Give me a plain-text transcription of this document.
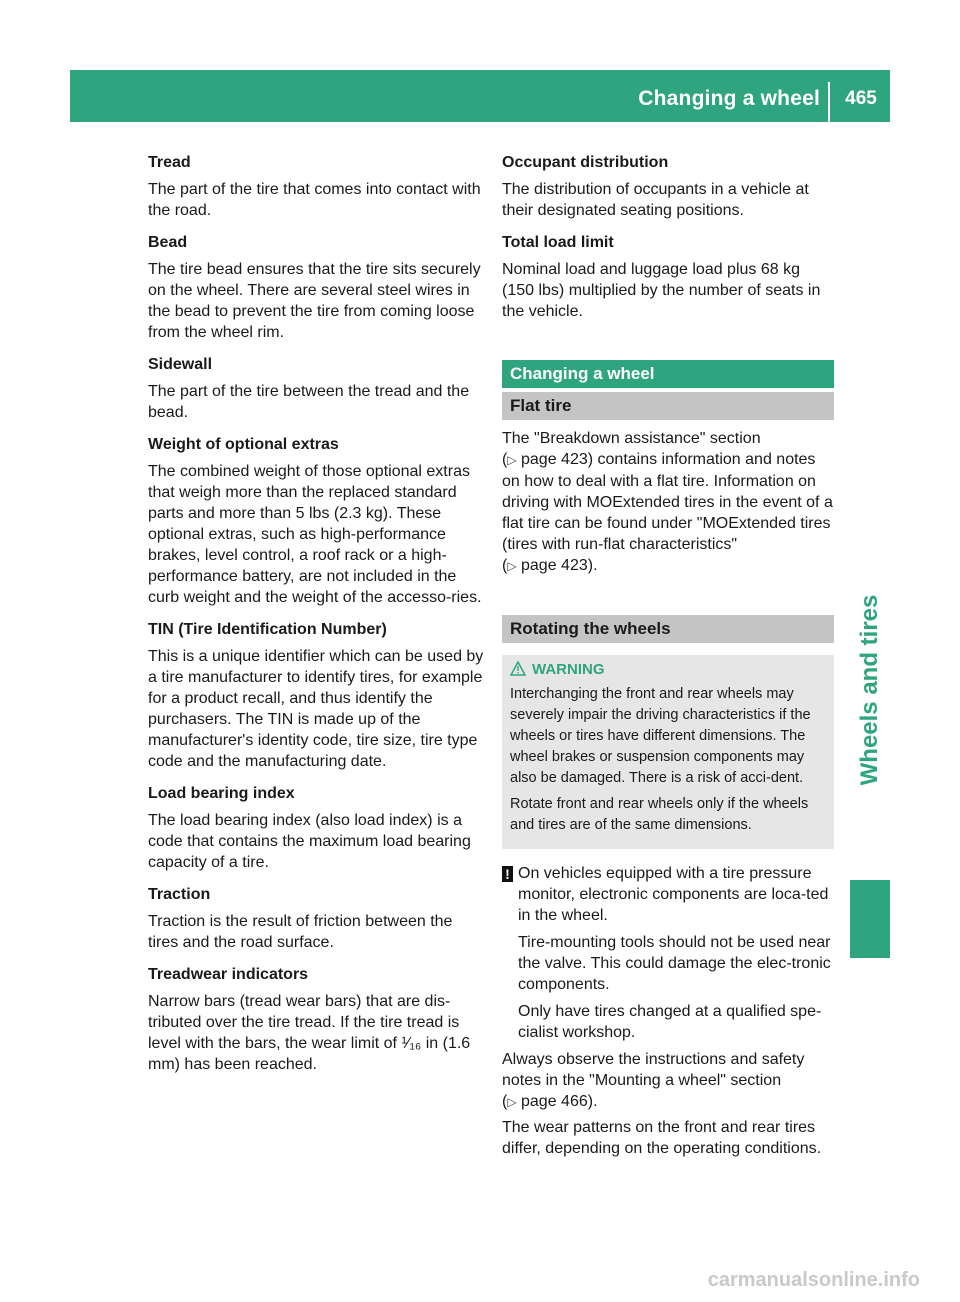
Changing a wheel	465
Wheels and tires
Tread
The part of the tire that comes into contact with the road.
Bead
The tire bead ensures that the tire sits securely on the wheel. There are several steel wires in the bead to prevent the tire from coming loose from the wheel rim.
Sidewall
The part of the tire between the tread and the bead.
Weight of optional extras
The combined weight of those optional extras that weigh more than the replaced standard parts and more than 5 lbs (2.3 kg). These optional extras, such as high-performance brakes, level control, a roof rack or a high-performance battery, are not included in the curb weight and the weight of the accesso-ries.
TIN (Tire Identification Number)
This is a unique identifier which can be used by a tire manufacturer to identify tires, for example for a product recall, and thus identify the purchasers. The TIN is made up of the manufacturer's identity code, tire size, tire type code and the manufacturing date.
Load bearing index
The load bearing index (also load index) is a code that contains the maximum load bearing capacity of a tire.
Traction
Traction is the result of friction between the tires and the road surface.
Treadwear indicators
Narrow bars (tread wear bars) that are dis-tributed over the tire tread. If the tire tread is level with the bars, the wear limit of ¹⁄₁₆ in (1.6 mm) has been reached.
Occupant distribution
The distribution of occupants in a vehicle at their designated seating positions.
Total load limit
Nominal load and luggage load plus 68 kg (150 lbs) multiplied by the number of seats in the vehicle.
Changing a wheel
Flat tire
The "Breakdown assistance" section
(▷ page 423) contains information and notes on how to deal with a flat tire. Information on driving with MOExtended tires in the event of a flat tire can be found under "MOExtended tires (tires with run-flat characteristics"
(▷ page 423).
Rotating the wheels
WARNING
Interchanging the front and rear wheels may severely impair the driving characteristics if the wheels or tires have different dimensions. The wheel brakes or suspension components may also be damaged. There is a risk of acci-dent.
Rotate front and rear wheels only if the wheels and tires are of the same dimensions.
! On vehicles equipped with a tire pressure monitor, electronic components are loca-ted in the wheel.

Tire-mounting tools should not be used near the valve. This could damage the elec-tronic components.

Only have tires changed at a qualified spe-cialist workshop.

Always observe the instructions and safety notes in the "Mounting a wheel" section
(▷ page 466).
The wear patterns on the front and rear tires differ, depending on the operating conditions.
carmanualsonline.info
